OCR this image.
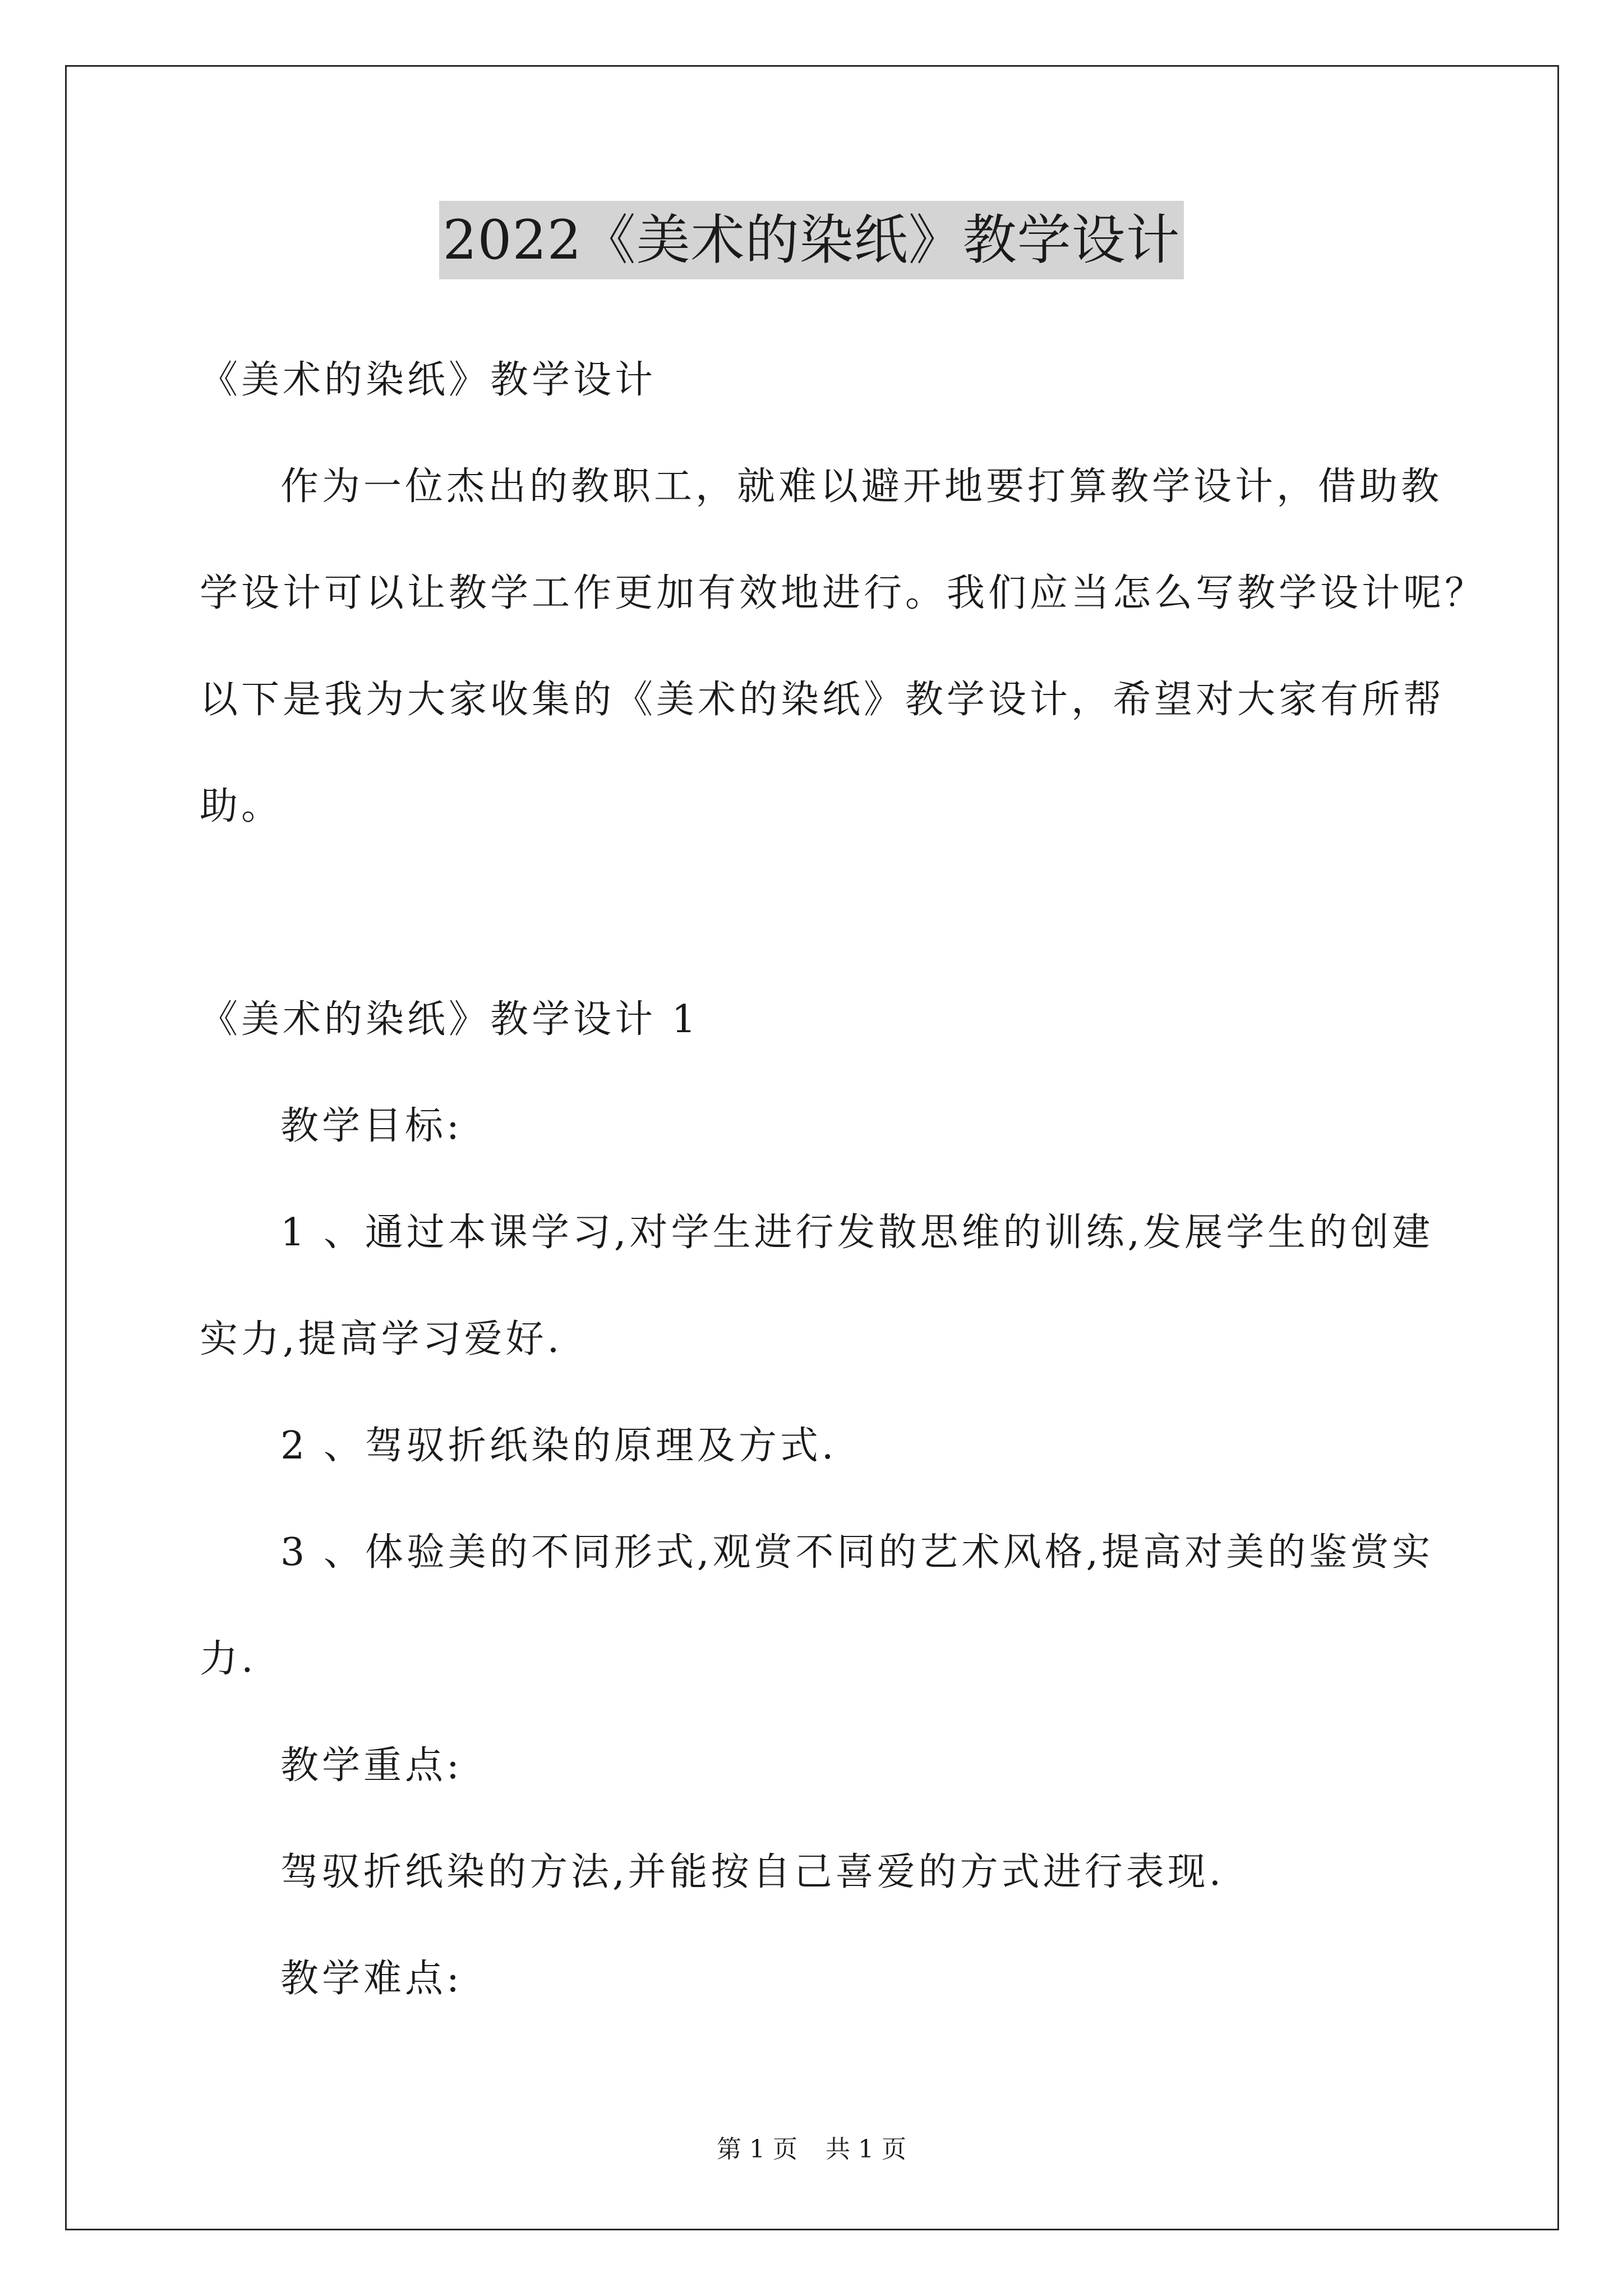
2022《美术的染纸》教学设计
《美术的染纸》教学设计
作为一位杰出的教职工，就难以避开地要打算教学设计，借助教
学设计可以让教学工作更加有效地进行。我们应当怎么写教学设计呢？
以下是我为大家收集的《美术的染纸》教学设计，希望对大家有所帮
助。
《美术的染纸》教学设计 1
教学目标:
1 、通过本课学习,对学生进行发散思维的训练,发展学生的创建
实力,提高学习爱好.
2 、驾驭折纸染的原理及方式.
3 、体验美的不同形式,观赏不同的艺术风格,提高对美的鉴赏实
力.
教学重点:
驾驭折纸染的方法,并能按自己喜爱的方式进行表现.
教学难点:
第 1 页 共 1 页
